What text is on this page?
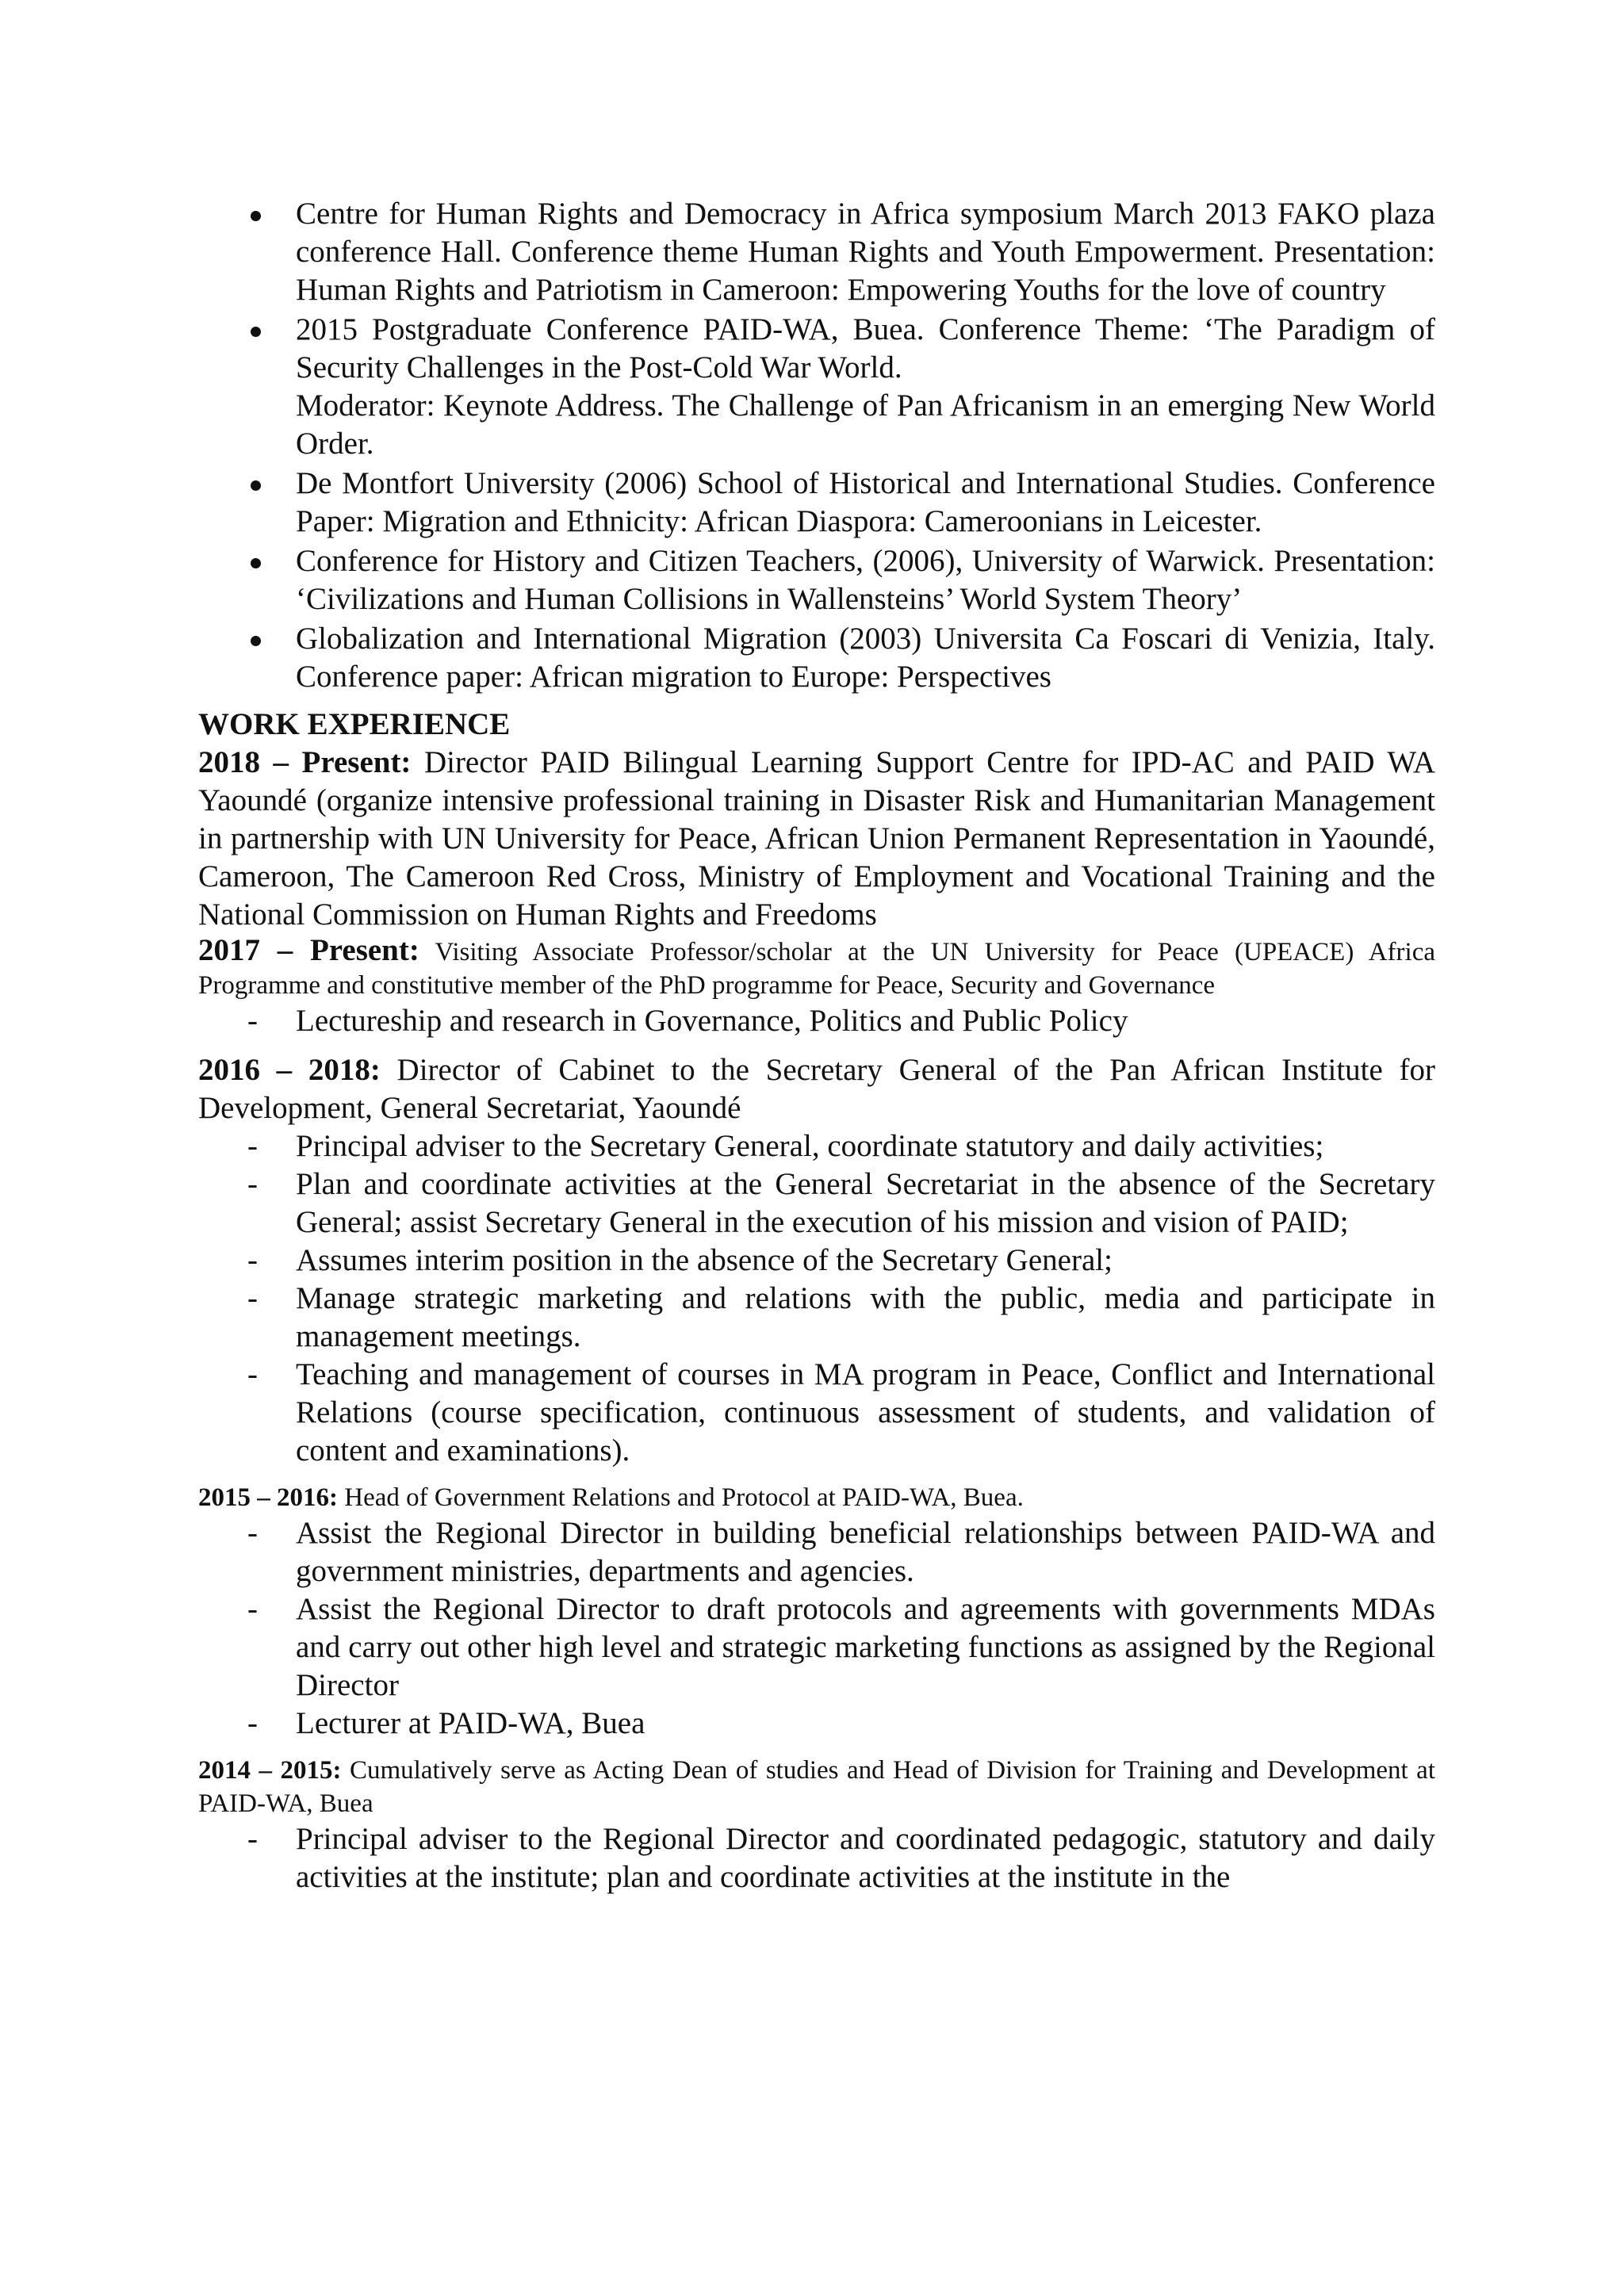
Centre for Human Rights and Democracy in Africa symposium March 2013 FAKO plaza conference Hall. Conference theme Human Rights and Youth Empowerment. Presentation: Human Rights and Patriotism in Cameroon: Empowering Youths for the love of country
2015 Postgraduate Conference PAID-WA, Buea. Conference Theme: ‘The Paradigm of Security Challenges in the Post-Cold War World.
Moderator: Keynote Address. The Challenge of Pan Africanism in an emerging New World Order.
De Montfort University (2006) School of Historical and International Studies. Conference Paper: Migration and Ethnicity: African Diaspora: Cameroonians in Leicester.
Conference for History and Citizen Teachers, (2006), University of Warwick. Presentation: ‘Civilizations and Human Collisions in Wallensteins’ World System Theory’
Globalization and International Migration (2003) Universita Ca Foscari di Venizia, Italy. Conference paper: African migration to Europe: Perspectives
WORK EXPERIENCE
2018 – Present: Director PAID Bilingual Learning Support Centre for IPD-AC and PAID WA Yaoundé (organize intensive professional training in Disaster Risk and Humanitarian Management in partnership with UN University for Peace, African Union Permanent Representation in Yaoundé, Cameroon, The Cameroon Red Cross, Ministry of Employment and Vocational Training and the National Commission on Human Rights and Freedoms
2017 – Present: Visiting Associate Professor/scholar at the UN University for Peace (UPEACE) Africa Programme and constitutive member of the PhD programme for Peace, Security and Governance
- Lectureship and research in Governance, Politics and Public Policy
2016 – 2018: Director of Cabinet to the Secretary General of the Pan African Institute for Development, General Secretariat, Yaoundé
- Principal adviser to the Secretary General, coordinate statutory and daily activities;
- Plan and coordinate activities at the General Secretariat in the absence of the Secretary General; assist Secretary General in the execution of his mission and vision of PAID;
- Assumes interim position in the absence of the Secretary General;
- Manage strategic marketing and relations with the public, media and participate in management meetings.
- Teaching and management of courses in MA program in Peace, Conflict and International Relations (course specification, continuous assessment of students, and validation of content and examinations).
2015 – 2016: Head of Government Relations and Protocol at PAID-WA, Buea.
- Assist the Regional Director in building beneficial relationships between PAID-WA and government ministries, departments and agencies.
- Assist the Regional Director to draft protocols and agreements with governments MDAs and carry out other high level and strategic marketing functions as assigned by the Regional Director
- Lecturer at PAID-WA, Buea
2014 – 2015: Cumulatively serve as Acting Dean of studies and Head of Division for Training and Development at PAID-WA, Buea
- Principal adviser to the Regional Director and coordinated pedagogic, statutory and daily activities at the institute; plan and coordinate activities at the institute in the
